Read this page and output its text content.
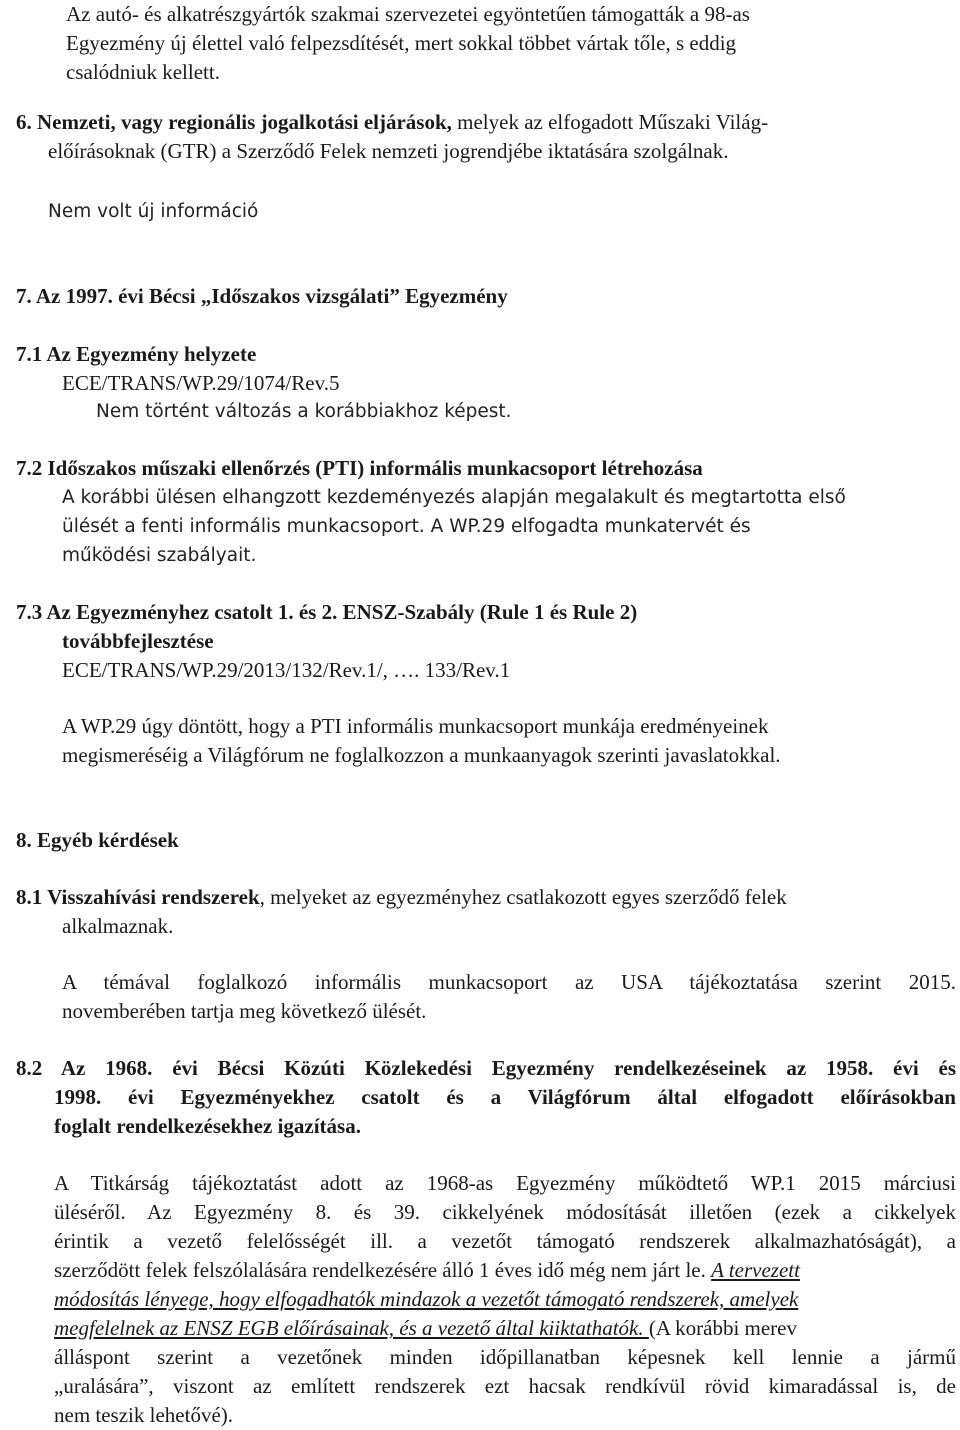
Az autó- és alkatrészgyártók szakmai szervezetei egyöntetűen támogatták a 98-as
Egyezmény új élettel való felpezsdítését, mert sokkal többet vártak tőle, s eddig
csalódniuk kellett.
6. Nemzeti, vagy regionális jogalkotási eljárások, melyek az elfogadott Műszaki Világ-
előírásoknak (GTR) a Szerződő Felek nemzeti jogrendjébe iktatására szolgálnak.
Nem volt új információ
7. Az 1997. évi Bécsi „Időszakos vizsgálati” Egyezmény
7.1 Az Egyezmény helyzete
ECE/TRANS/WP.29/1074/Rev.5
Nem történt változás a korábbiakhoz képest.
7.2 Időszakos műszaki ellenőrzés (PTI) informális munkacsoport létrehozása
A korábbi ülésen elhangzott kezdeményezés alapján megalakult és megtartotta első
ülését a fenti informális munkacsoport. A WP.29 elfogadta munkatervét és
működési szabályait.
7.3 Az Egyezményhez csatolt 1. és 2. ENSZ-Szabály (Rule 1 és Rule 2)
továbbfejlesztése
ECE/TRANS/WP.29/2013/132/Rev.1/, …. 133/Rev.1
A WP.29 úgy döntött, hogy a PTI informális munkacsoport munkája eredményeinek
megismeréséig a Világfórum ne foglalkozzon a munkaanyagok szerinti javaslatokkal.
8. Egyéb kérdések
8.1 Visszahívási rendszerek, melyeket az egyezményhez csatlakozott egyes szerződő felek
alkalmaznak.
A témával foglalkozó informális munkacsoport az USA tájékoztatása szerint 2015.
novemberében tartja meg következő ülését.
8.2 Az 1968. évi Bécsi Közúti Közlekedési Egyezmény rendelkezéseinek az 1958. évi és
1998. évi Egyezményekhez csatolt és a Világfórum által elfogadott előírásokban
foglalt rendelkezésekhez igazítása.
A Titkárság tájékoztatást adott az 1968-as Egyezmény működtető WP.1 2015 márciusi
üléséről. Az Egyezmény 8. és 39. cikkelyének módosítását illetően (ezek a cikkelyek
érintik a vezető felelősségét ill. a vezetőt támogató rendszerek alkalmazhatóságát), a
szerződött felek felszólalására rendelkezésére álló 1 éves idő még nem járt le. A tervezett
módosítás lényege, hogy elfogadhatók mindazok a vezetőt támogató rendszerek, amelyek
megfelelnek az ENSZ EGB előírásainak, és a vezető által kiiktathatók. (A korábbi merev
álláspont szerint a vezetőnek minden időpillanatban képesnek kell lennie a jármű
„uralására”, viszont az említett rendszerek ezt hacsak rendkívül rövid kimaradással is, de
nem teszik lehetővé).
